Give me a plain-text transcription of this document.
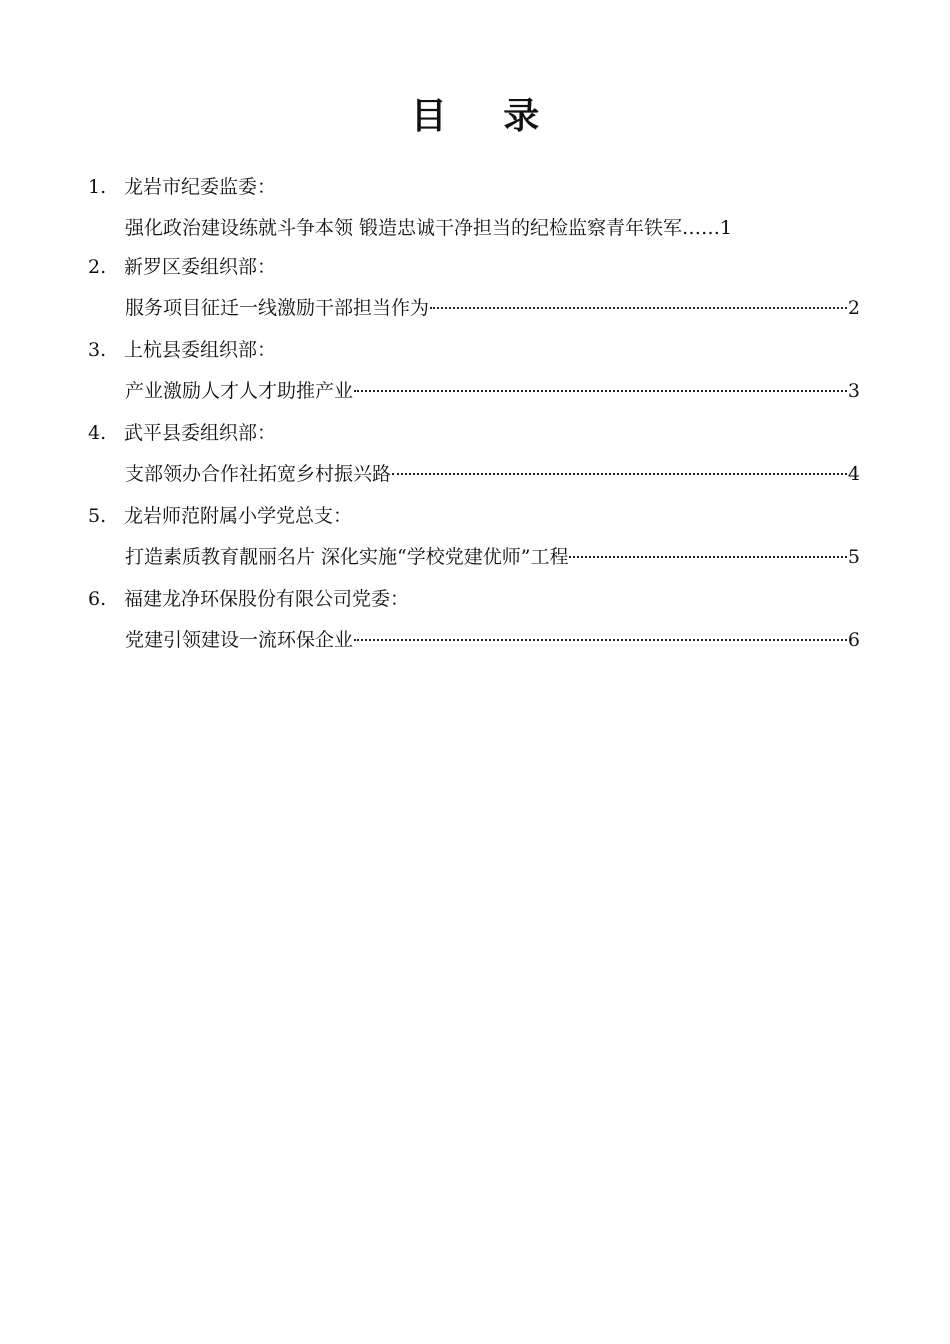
目 录
1. 龙岩市纪委监委：
强化政治建设练就斗争本领 锻造忠诚干净担当的纪检监察青年铁军 …… 1
2. 新罗区委组织部：
服务项目征迁一线激励干部担当作为	2
3. 上杭县委组织部：
产业激励人才人才助推产业	3
4. 武平县委组织部：
支部领办合作社拓宽乡村振兴路	4
5. 龙岩师范附属小学党总支：
打造素质教育靓丽名片 深化实施“学校党建优师”工程	5
6. 福建龙净环保股份有限公司党委：
党建引领建设一流环保企业	6
